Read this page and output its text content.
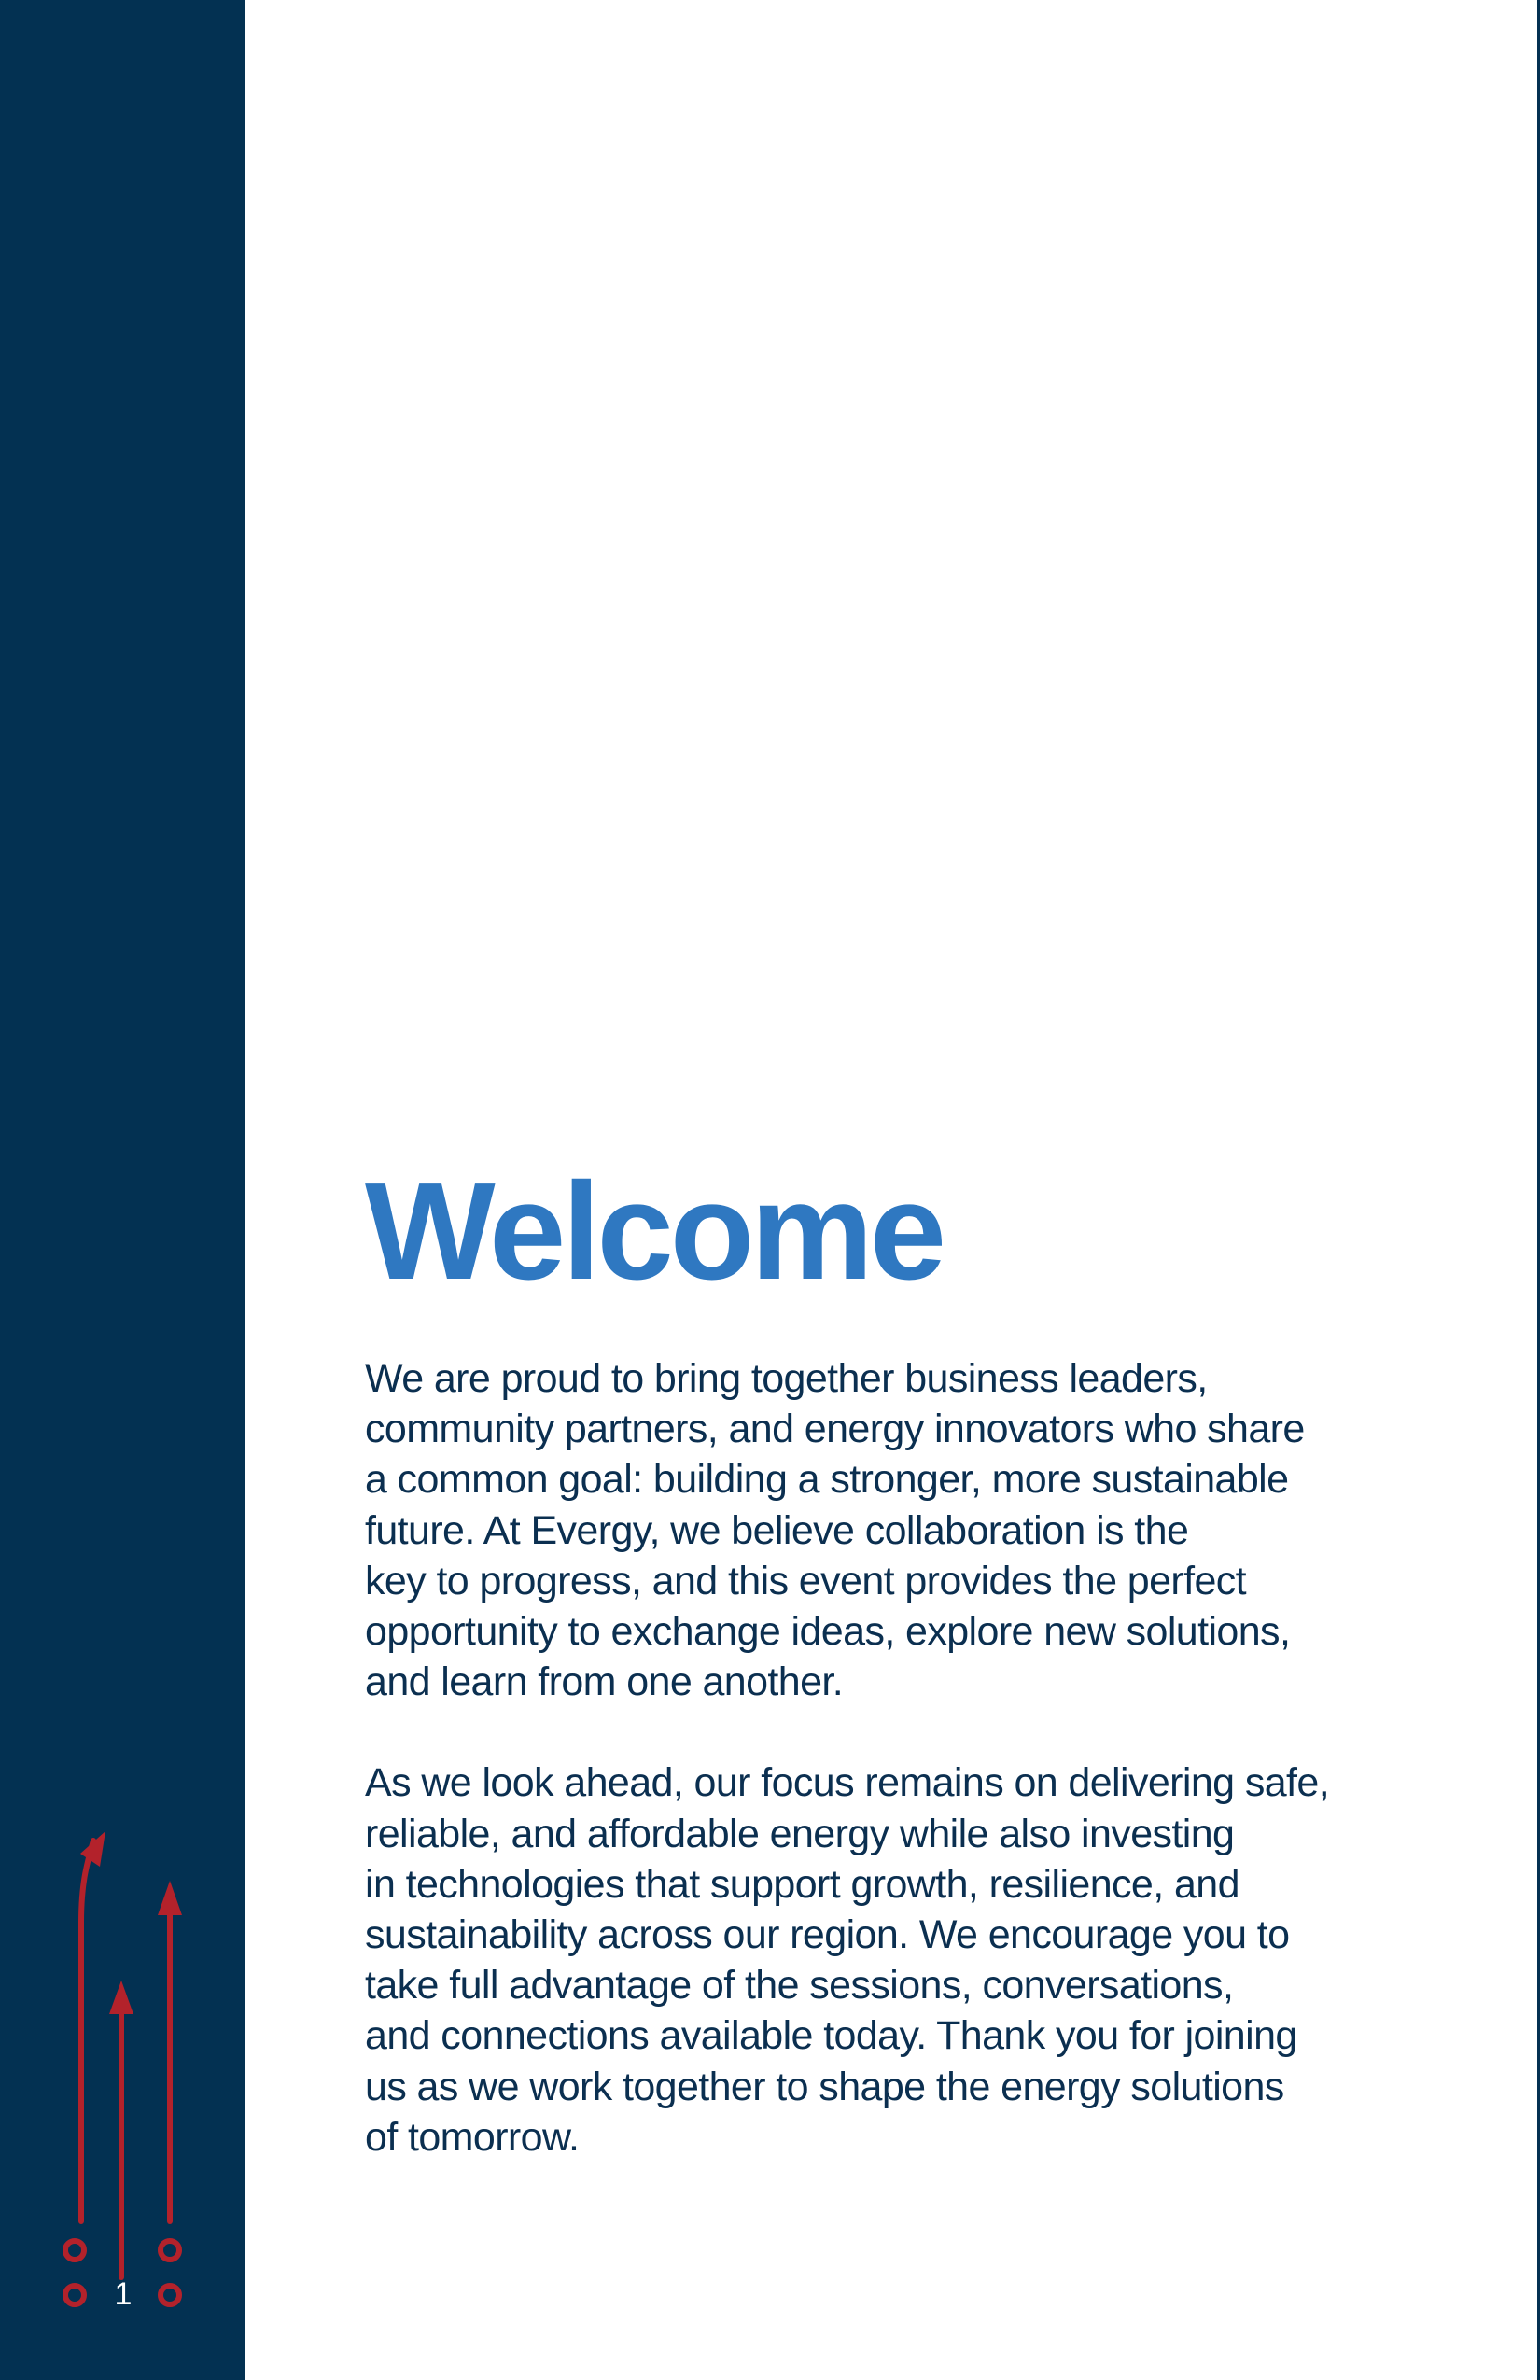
1
Welcome

We are proud to bring together business leaders,
community partners, and energy innovators who share
a common goal: building a stronger, more sustainable
future. At Evergy, we believe collaboration is the
key to progress, and this event provides the perfect
opportunity to exchange ideas, explore new solutions,
and learn from one another.

As we look ahead, our focus remains on delivering safe,
reliable, and affordable energy while also investing
in technologies that support growth, resilience, and
sustainability across our region. We encourage you to
take full advantage of the sessions, conversations,
and connections available today. Thank you for joining
us as we work together to shape the energy solutions
of tomorrow.
